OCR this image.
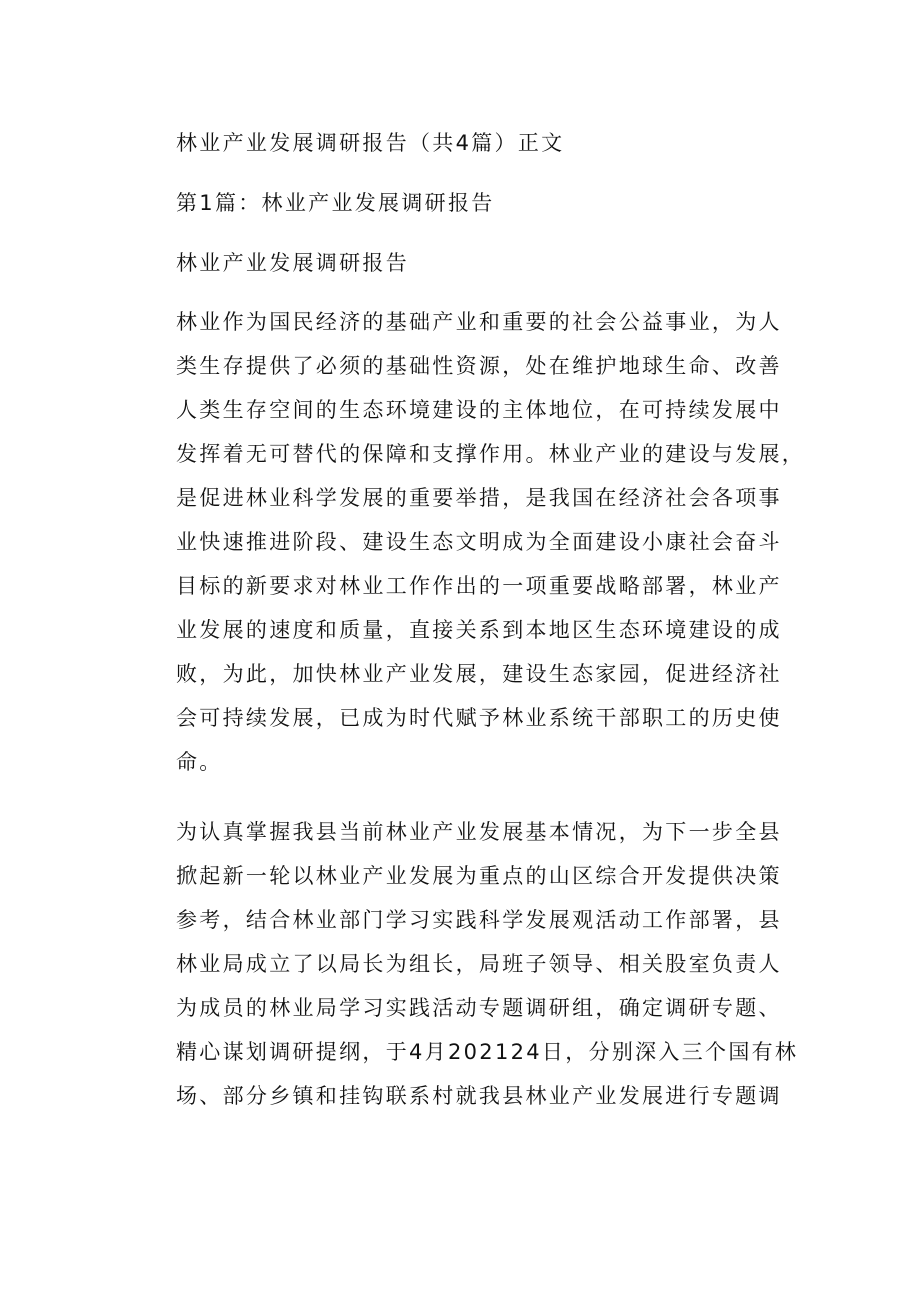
林业产业发展调研报告（共4篇）正文

第1篇：林业产业发展调研报告

林业产业发展调研报告

林业作为国民经济的基础产业和重要的社会公益事业，为人
类生存提供了必须的基础性资源，处在维护地球生命、改善
人类生存空间的生态环境建设的主体地位，在可持续发展中
发挥着无可替代的保障和支撑作用。林业产业的建设与发展，
是促进林业科学发展的重要举措，是我国在经济社会各项事
业快速推进阶段、建设生态文明成为全面建设小康社会奋斗
目标的新要求对林业工作作出的一项重要战略部署，林业产
业发展的速度和质量，直接关系到本地区生态环境建设的成
败，为此，加快林业产业发展，建设生态家园，促进经济社
会可持续发展，已成为时代赋予林业系统干部职工的历史使
命。
为认真掌握我县当前林业产业发展基本情况，为下一步全县
掀起新一轮以林业产业发展为重点的山区综合开发提供决策
参考，结合林业部门学习实践科学发展观活动工作部署，县
林业局成立了以局长为组长，局班子领导、相关股室负责人
为成员的林业局学习实践活动专题调研组，确定调研专题、
精心谋划调研提纲，于4月202124日，分别深入三个国有林
场、部分乡镇和挂钩联系村就我县林业产业发展进行专题调
